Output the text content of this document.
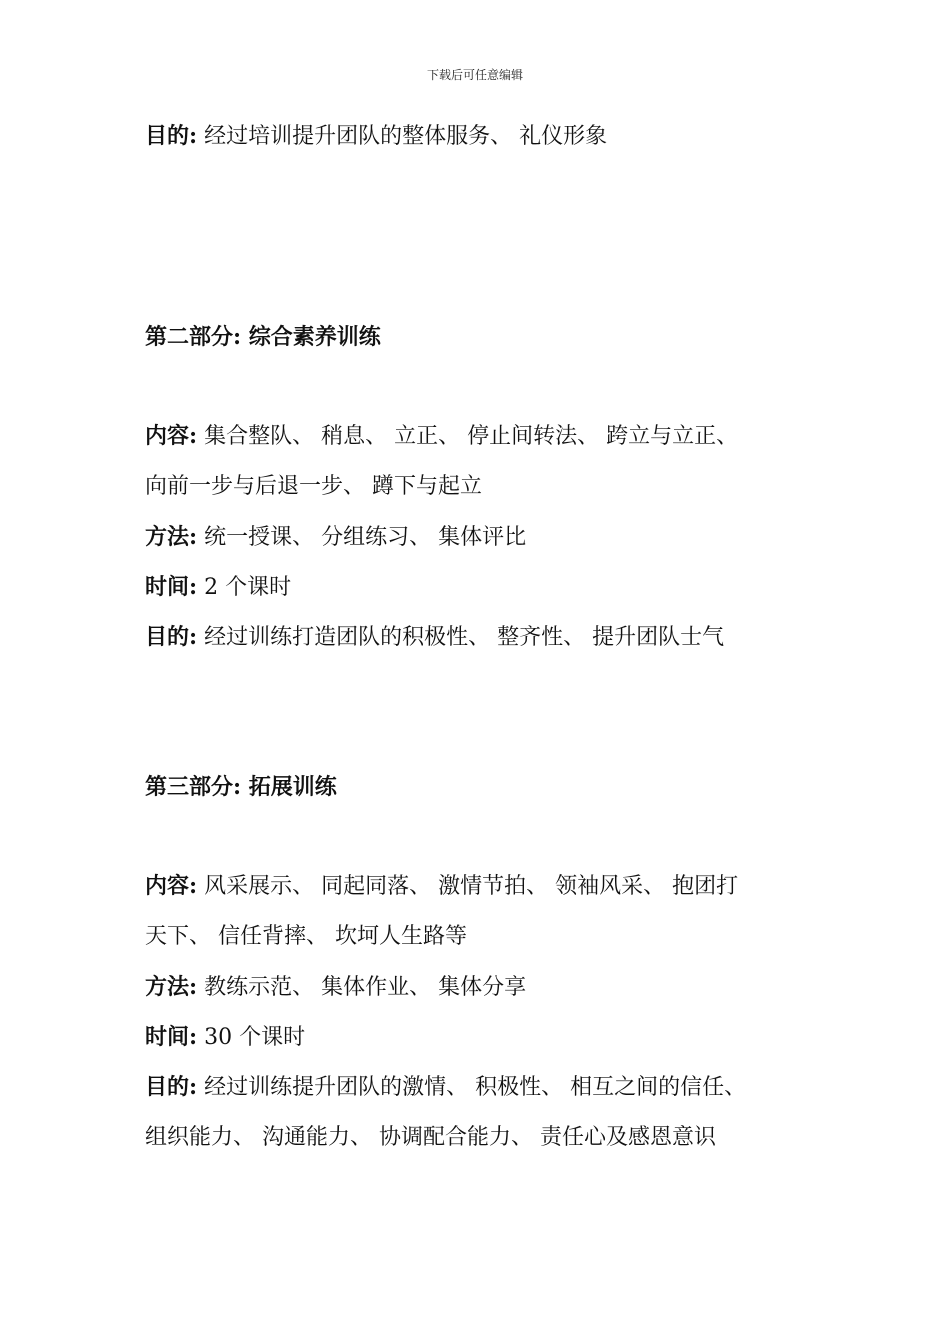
下载后可任意编辑
目的: 经过培训提升团队的整体服务、 礼仪形象
第二部分: 综合素养训练
内容: 集合整队、 稍息、 立正、 停止间转法、 跨立与立正、
向前一步与后退一步、 蹲下与起立
方法: 统一授课、 分组练习、 集体评比
时间: 2 个课时
目的: 经过训练打造团队的积极性、 整齐性、 提升团队士气
第三部分: 拓展训练
内容: 风采展示、 同起同落、 激情节拍、 领袖风采、 抱团打
天下、 信任背摔、 坎坷人生路等
方法: 教练示范、 集体作业、 集体分享
时间: 30 个课时
目的: 经过训练提升团队的激情、 积极性、 相互之间的信任、
组织能力、 沟通能力、 协调配合能力、 责任心及感恩意识
